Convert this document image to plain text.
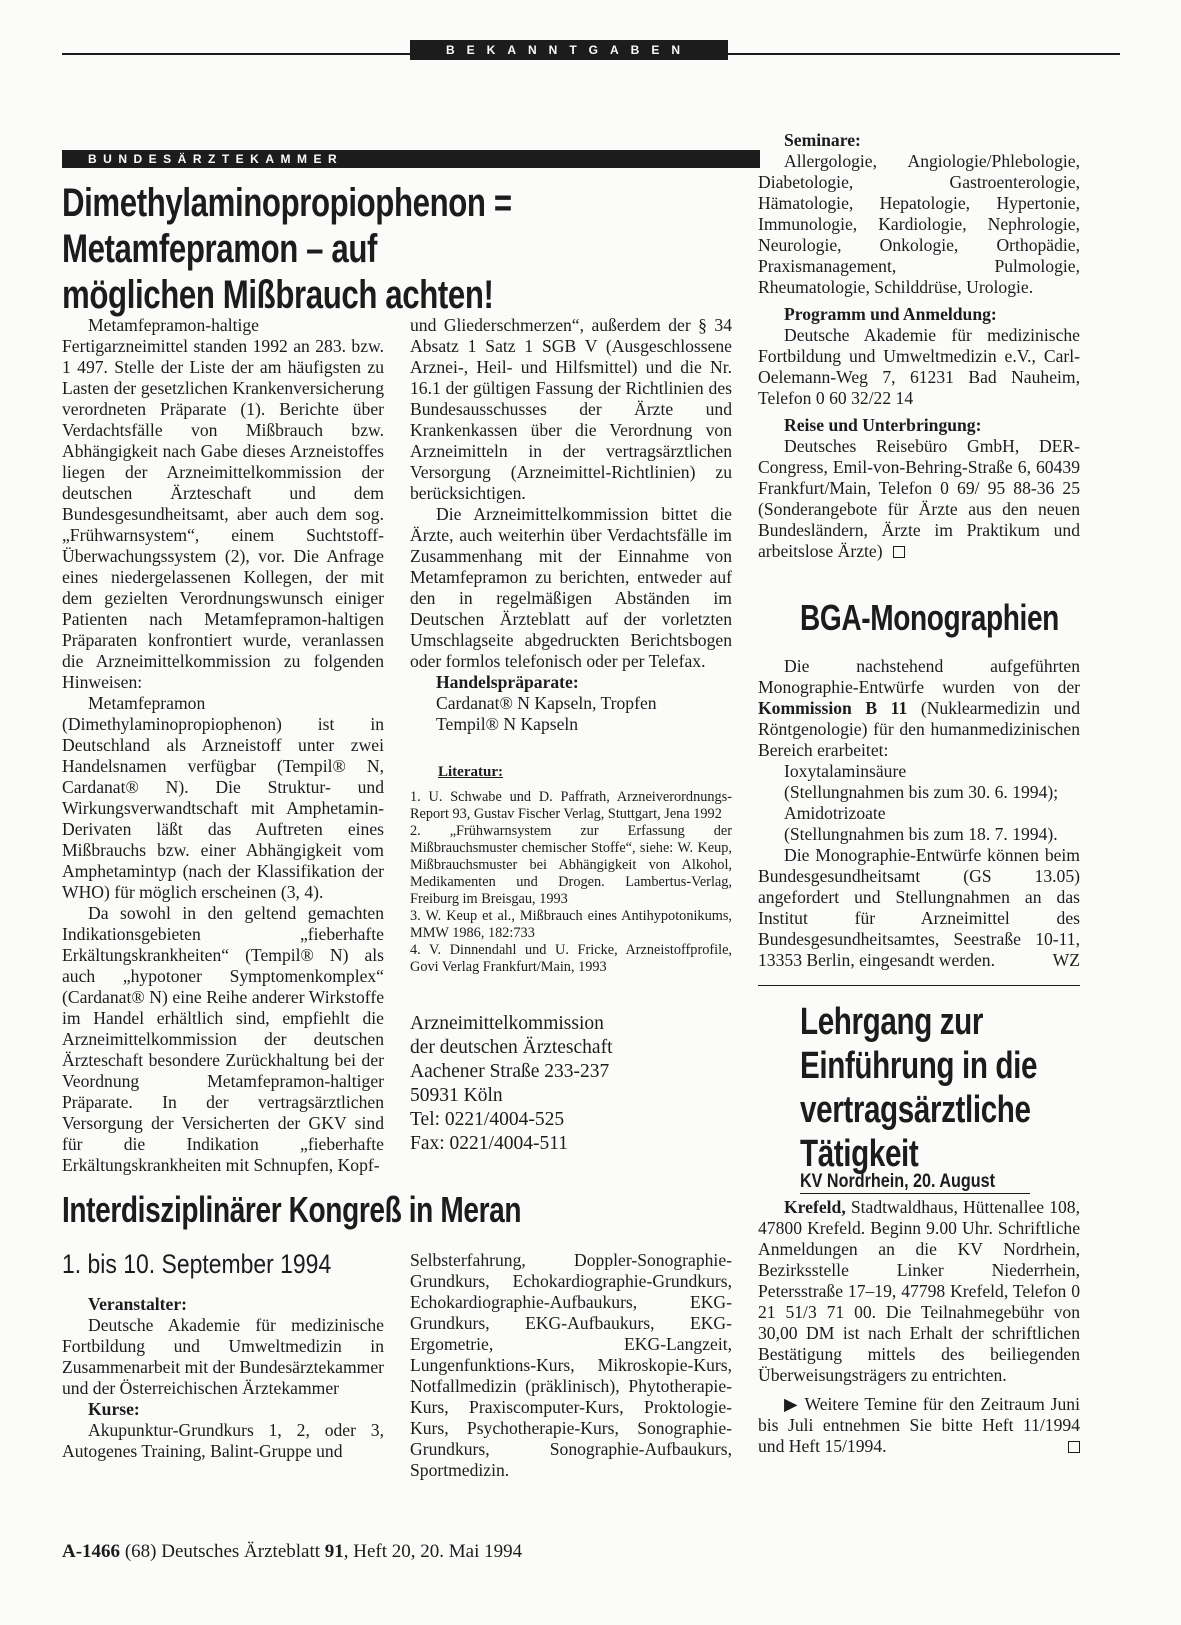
BEKANNTGABEN
BUNDESÄRZTEKAMMER
Dimethylaminopropiophenon =
Metamfepramon – auf
möglichen Mißbrauch achten!

Metamfepramon-haltige Fertigarzneimittel standen 1992 an 283. bzw. 1 497. Stelle der Liste der am häufigsten zu Lasten der gesetzlichen Krankenversicherung verordneten Präparate (1). Berichte über Verdachtsfälle von Mißbrauch bzw. Abhängigkeit nach Gabe dieses Arzneistoffes liegen der Arzneimittelkommission der deutschen Ärzteschaft und dem Bundesgesundheitsamt, aber auch dem sog. „Frühwarnsystem“, einem Suchtstoff-Überwachungssystem (2), vor. Die Anfrage eines niedergelassenen Kollegen, der mit dem gezielten Verordnungswunsch einiger Patienten nach Metamfepramon-haltigen Präparaten konfrontiert wurde, veranlassen die Arzneimittelkommission zu folgenden Hinweisen:

Metamfepramon (Dimethylaminopropiophenon) ist in Deutschland als Arzneistoff unter zwei Handelsnamen verfügbar (Tempil® N, Cardanat® N). Die Struktur- und Wirkungsverwandtschaft mit Amphetamin-Derivaten läßt das Auftreten eines Mißbrauchs bzw. einer Abhängigkeit vom Amphetamintyp (nach der Klassifikation der WHO) für möglich erscheinen (3, 4).

Da sowohl in den geltend gemachten Indikationsgebieten „fieberhafte Erkältungskrankheiten“ (Tempil® N) als auch „hypotoner Symptomenkomplex“ (Cardanat® N) eine Reihe anderer Wirkstoffe im Handel erhältlich sind, empfiehlt die Arzneimittelkommission der deutschen Ärzteschaft besondere Zurückhaltung bei der Veordnung Metamfepramon-haltiger Präparate. In der vertragsärztlichen Versorgung der Versicherten der GKV sind für die Indikation „fieberhafte Erkältungskrankheiten mit Schnupfen, Kopf-

und Gliederschmerzen“, außerdem der § 34 Absatz 1 Satz 1 SGB V (Ausgeschlossene Arznei-, Heil- und Hilfsmittel) und die Nr. 16.1 der gültigen Fassung der Richtlinien des Bundesausschusses der Ärzte und Krankenkassen über die Verordnung von Arzneimitteln in der vertragsärztlichen Versorgung (Arzneimittel-Richtlinien) zu berücksichtigen.

Die Arzneimittelkommission bittet die Ärzte, auch weiterhin über Verdachtsfälle im Zusammenhang mit der Einnahme von Metamfepramon zu berichten, entweder auf den in regelmäßigen Abständen im Deutschen Ärzteblatt auf der vorletzten Umschlagseite abgedruckten Berichtsbogen oder formlos telefonisch oder per Telefax.

Handelspräparate:
Cardanat® N Kapseln, Tropfen
Tempil® N Kapseln
Literatur:

1. U. Schwabe und D. Paffrath, Arzneiverordnungs-Report 93, Gustav Fischer Verlag, Stuttgart, Jena 1992

2. „Frühwarnsystem zur Erfassung der Mißbrauchsmuster chemischer Stoffe“, siehe: W. Keup, Mißbrauchsmuster bei Abhängigkeit von Alkohol, Medikamenten und Drogen. Lambertus-Verlag, Freiburg im Breisgau, 1993

3. W. Keup et al., Mißbrauch eines Antihypotonikums, MMW 1986, 182:733

4. V. Dinnendahl und U. Fricke, Arzneistoffprofile, Govi Verlag Frankfurt/Main, 1993

Arzneimittelkommission
der deutschen Ärzteschaft
Aachener Straße 233-237
50931 Köln
Tel: 0221/4004-525
Fax: 0221/4004-511
Interdisziplinärer Kongreß in Meran
1. bis 10. September 1994
Veranstalter:

Deutsche Akademie für medizinische Fortbildung und Umweltmedizin in Zusammenarbeit mit der Bundesärztekammer und der Österreichischen Ärztekammer

Kurse:

Akupunktur-Grundkurs 1, 2, oder 3, Autogenes Training, Balint-Gruppe und

Selbsterfahrung, Doppler-Sonographie-Grundkurs, Echokardiographie-Grundkurs, Echokardiographie-Aufbaukurs, EKG-Grundkurs, EKG-Aufbaukurs, EKG-Ergometrie, EKG-Langzeit, Lungenfunktions-Kurs, Mikroskopie-Kurs, Notfallmedizin (präklinisch), Phytotherapie-Kurs, Praxiscomputer-Kurs, Proktologie-Kurs, Psychotherapie-Kurs, Sonographie-Grundkurs, Sonographie-Aufbaukurs, Sportmedizin.

Seminare:

Allergologie, Angiologie/Phlebologie, Diabetologie, Gastroenterologie, Hämatologie, Hepatologie, Hypertonie, Immunologie, Kardiologie, Nephrologie, Neurologie, Onkologie, Orthopädie, Praxismanagement, Pulmologie, Rheumatologie, Schilddrüse, Urologie.

Programm und Anmeldung:

Deutsche Akademie für medizinische Fortbildung und Umweltmedizin e.V., Carl-Oelemann-Weg 7, 61231 Bad Nauheim, Telefon 0 60 32/22 14

Reise und Unterbringung:

Deutsches Reisebüro GmbH, DER-Congress, Emil-von-Behring-Straße 6, 60439 Frankfurt/Main, Telefon 0 69/ 95 88-36 25 (Sonderangebote für Ärzte aus den neuen Bundesländern, Ärzte im Praktikum und arbeitslose Ärzte)

BGA-Monographien

Die nachstehend aufgeführten Monographie-Entwürfe wurden von der Kommission B 11 (Nuklearmedizin und Röntgenologie) für den humanmedizinischen Bereich erarbeitet:

Ioxytalaminsäure
(Stellungnahmen bis zum 30. 6. 1994);
Amidotrizoate
(Stellungnahmen bis zum 18. 7. 1994).

Die Monographie-Entwürfe können beim Bundesgesundheitsamt (GS 13.05) angefordert und Stellungnahmen an das Institut für Arzneimittel des Bundesgesundheitsamtes, Seestraße 10-11, 13353 Berlin, eingesandt werden.	WZ

Lehrgang zur
Einführung in die
vertragsärztliche
Tätigkeit
KV Nordrhein, 20. August

Krefeld, Stadtwaldhaus, Hüttenallee 108, 47800 Krefeld. Beginn 9.00 Uhr. Schriftliche Anmeldungen an die KV Nordrhein, Bezirksstelle Linker Niederrhein, Petersstraße 17–19, 47798 Krefeld, Telefon 0 21 51/3 71 00. Die Teilnahmegebühr von 30,00 DM ist nach Erhalt der schriftlichen Bestätigung mittels des beiliegenden Überweisungsträgers zu entrichten.

▶ Weitere Temine für den Zeitraum Juni bis Juli entnehmen Sie bitte Heft 11/1994 und Heft 15/1994.

A-1466 (68) Deutsches Ärzteblatt 91, Heft 20, 20. Mai 1994
